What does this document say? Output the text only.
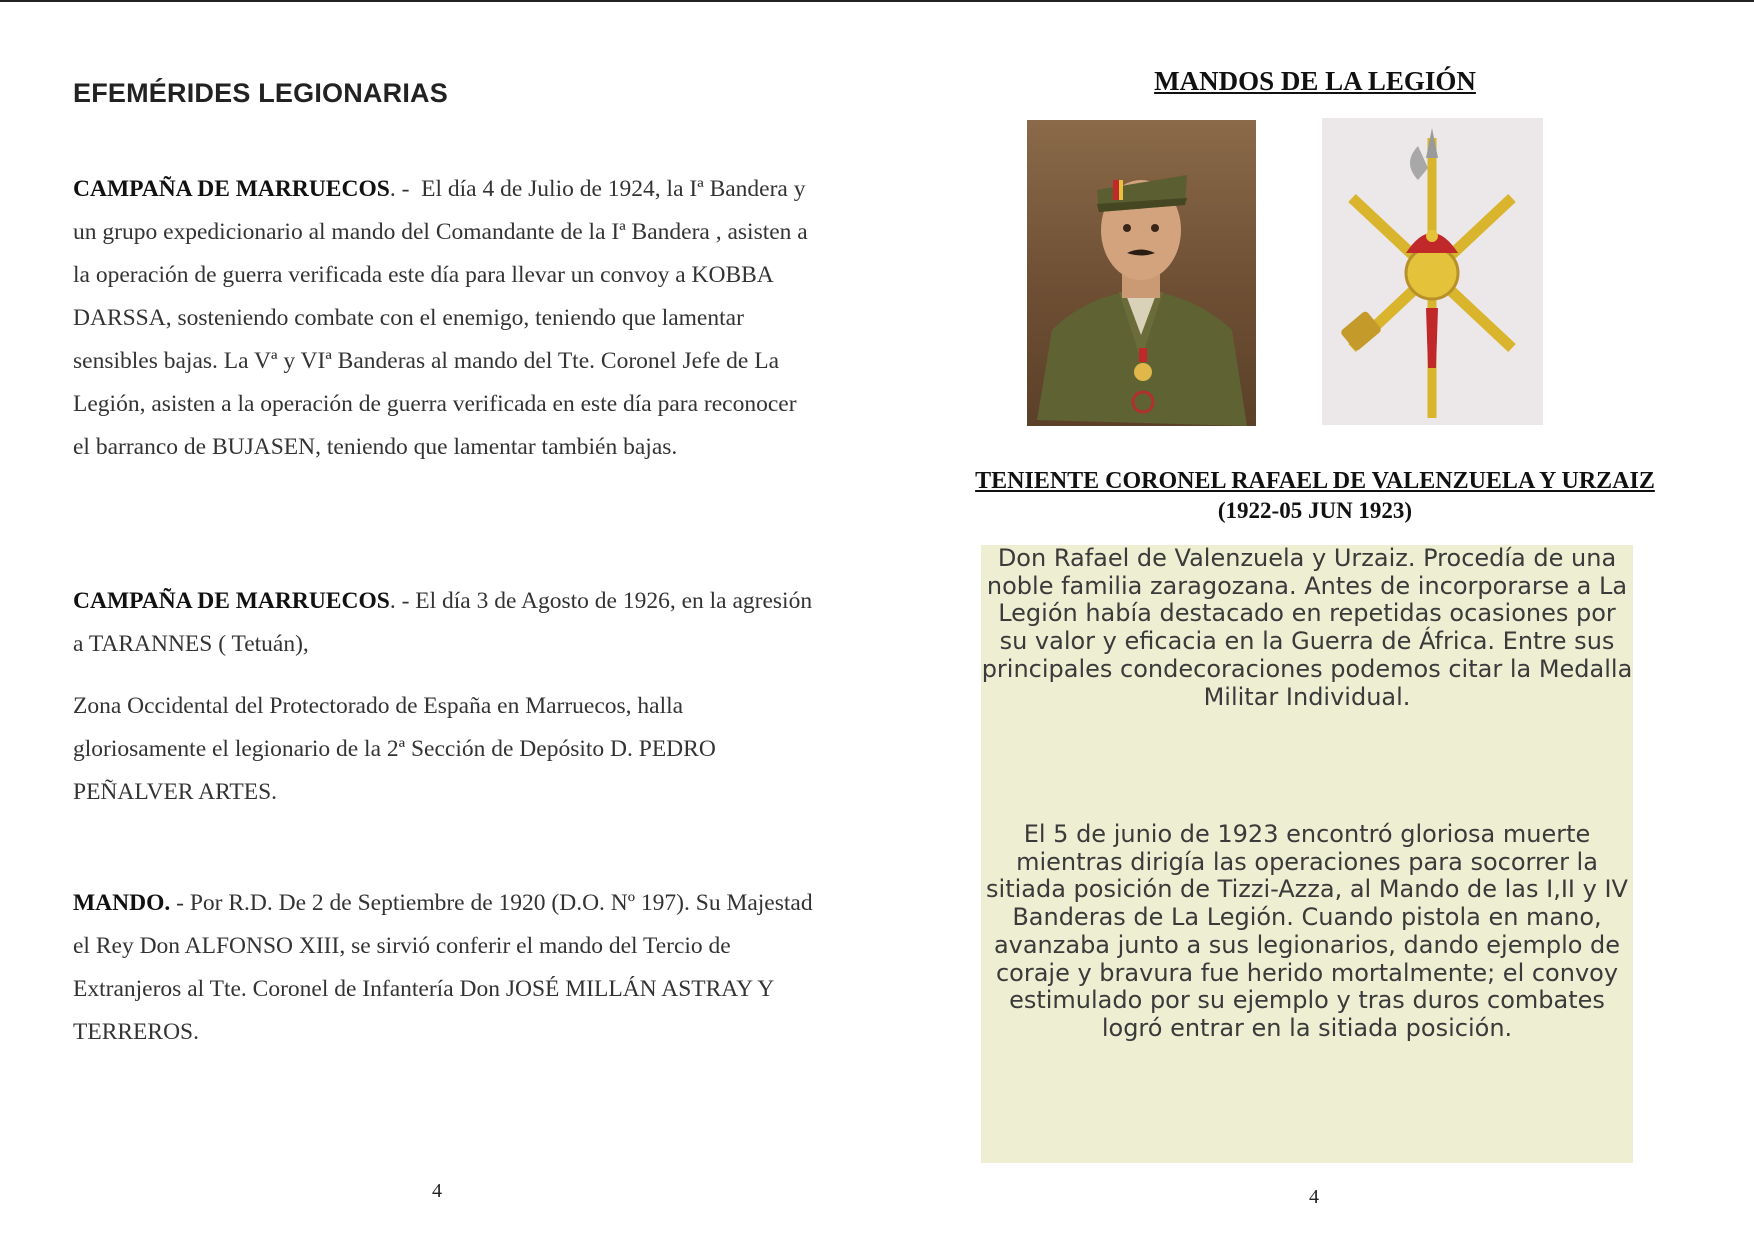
EFEMÉRIDES LEGIONARIAS

CAMPAÑA DE MARRUECOS. - El día 4 de Julio de 1924, la Iª Bandera y un grupo expedicionario al mando del Comandante de la Iª Bandera , asisten a la operación de guerra verificada este día para llevar un convoy a KOBBA DARSSA, sosteniendo combate con el enemigo, teniendo que lamentar sensibles bajas. La Vª y VIª Banderas al mando del Tte. Coronel Jefe de La Legión, asisten a la operación de guerra verificada en este día para reconocer el barranco de BUJASEN, teniendo que lamentar también bajas.

CAMPAÑA DE MARRUECOS. - El día 3 de Agosto de 1926, en la agresión a TARANNES ( Tetuán),

Zona Occidental del Protectorado de España en Marruecos, halla gloriosamente el legionario de la 2ª Sección de Depósito D. PEDRO PEÑALVER ARTES.

MANDO. - Por R.D. De 2 de Septiembre de 1920 (D.O. Nº 197). Su Majestad el Rey Don ALFONSO XIII, se sirvió conferir el mando del Tercio de Extranjeros al Tte. Coronel de Infantería Don JOSÉ MILLÁN ASTRAY Y TERREROS.

4
MANDOS DE LA LEGIÓN
TENIENTE CORONEL RAFAEL DE VALENZUELA Y URZAIZ
(1922-05 JUN 1923)

Don Rafael de Valenzuela y Urzaiz. Procedía de una noble familia zaragozana. Antes de incorporarse a La Legión había destacado en repetidas ocasiones por su valor y eficacia en la Guerra de África. Entre sus principales condecoraciones podemos citar la Medalla Militar Individual.

El 5 de junio de 1923 encontró gloriosa muerte mientras dirigía las operaciones para socorrer la sitiada posición de Tizzi-Azza, al Mando de las I,II y IV Banderas de La Legión. Cuando pistola en mano, avanzaba junto a sus legionarios, dando ejemplo de coraje y bravura fue herido mortalmente; el convoy estimulado por su ejemplo y tras duros combates logró entrar en la sitiada posición.

4
